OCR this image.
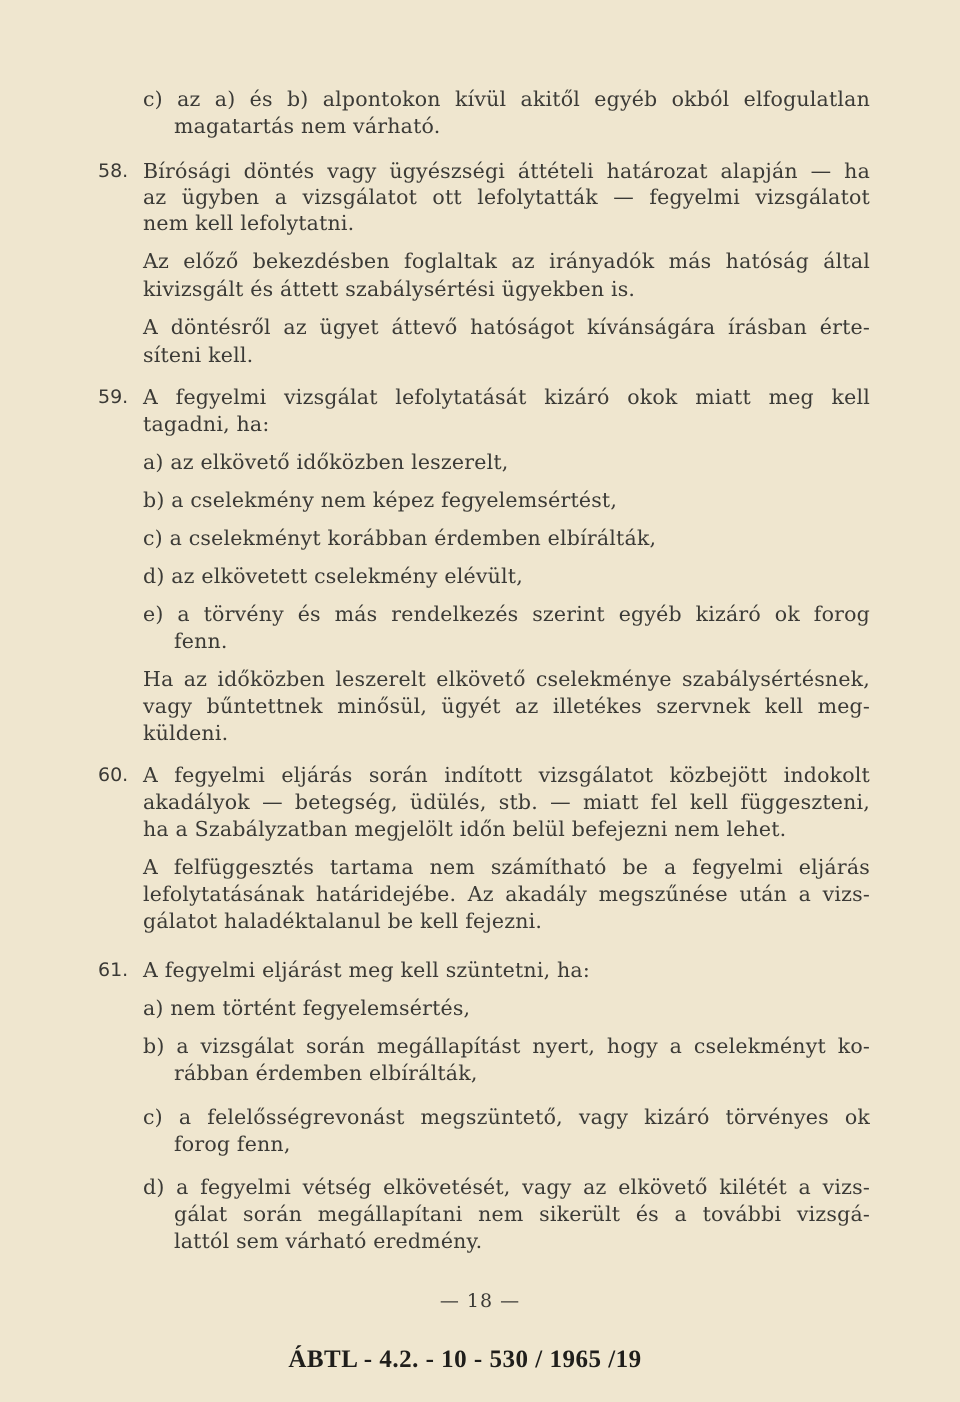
c) az a) és b) alpontokon kívül akitől egyéb okból elfogulatlan
magatartás nem várható.
58. Bírósági döntés vagy ügyészségi áttételi határozat alapján — ha
az ügyben a vizsgálatot ott lefolytatták — fegyelmi vizsgálatot
nem kell lefolytatni.
Az előző bekezdésben foglaltak az irányadók más hatóság által
kivizsgált és áttett szabálysértési ügyekben is.
A döntésről az ügyet áttevő hatóságot kívánságára írásban érte-
síteni kell.
59. A fegyelmi vizsgálat lefolytatását kizáró okok miatt meg kell
tagadni, ha:
a) az elkövető időközben leszerelt,
b) a cselekmény nem képez fegyelemsértést,
c) a cselekményt korábban érdemben elbírálták,
d) az elkövetett cselekmény elévült,
e) a törvény és más rendelkezés szerint egyéb kizáró ok forog
fenn.
Ha az időközben leszerelt elkövető cselekménye szabálysértésnek,
vagy bűntettnek minősül, ügyét az illetékes szervnek kell meg-
küldeni.
60. A fegyelmi eljárás során indított vizsgálatot közbejött indokolt
akadályok — betegség, üdülés, stb. — miatt fel kell függeszteni,
ha a Szabályzatban megjelölt időn belül befejezni nem lehet.
A felfüggesztés tartama nem számítható be a fegyelmi eljárás
lefolytatásának határidejébe. Az akadály megszűnése után a vizs-
gálatot haladéktalanul be kell fejezni.
61. A fegyelmi eljárást meg kell szüntetni, ha:
a) nem történt fegyelemsértés,
b) a vizsgálat során megállapítást nyert, hogy a cselekményt ko-
rábban érdemben elbírálták,
c) a felelősségrevonást megszüntető, vagy kizáró törvényes ok
forog fenn,
d) a fegyelmi vétség elkövetését, vagy az elkövető kilétét a vizs-
gálat során megállapítani nem sikerült és a további vizsgá-
lattól sem várható eredmény.
— 18 —
ÁBTL - 4.2. - 10 - 530 / 1965 /19
